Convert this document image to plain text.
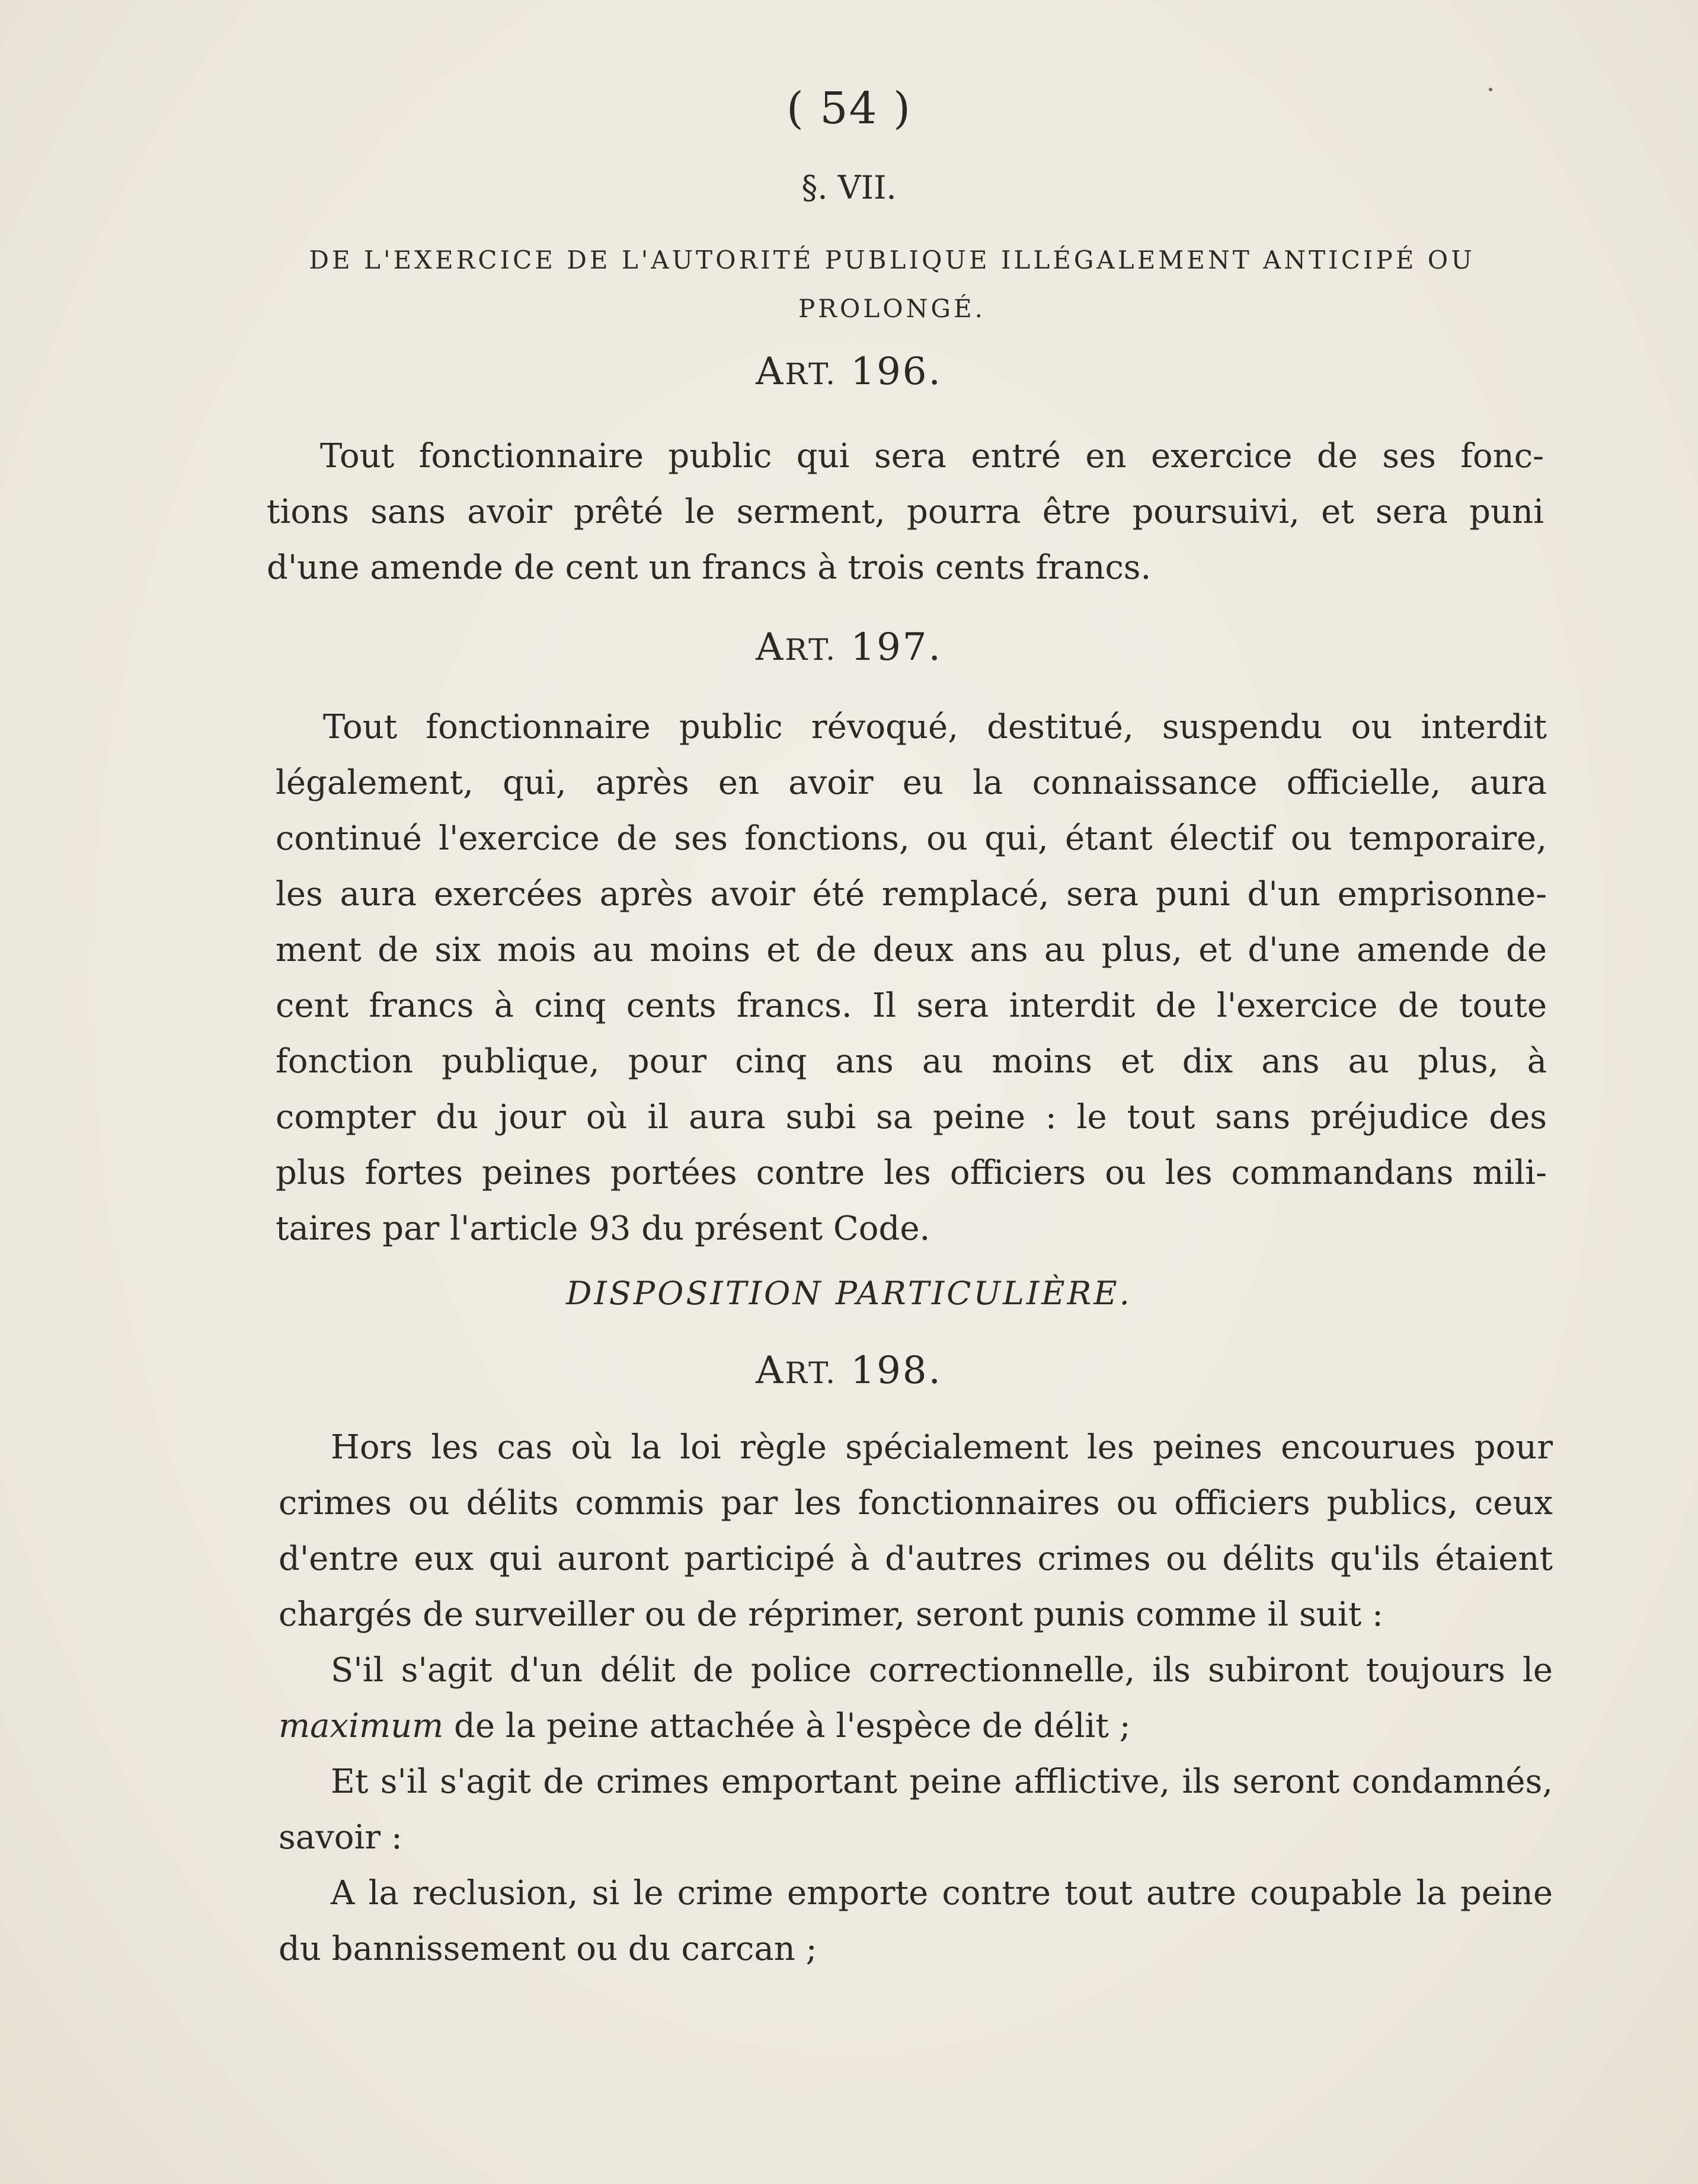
( 54 )
§. VII.
DE L'EXERCICE DE L'AUTORITÉ PUBLIQUE ILLÉGALEMENT ANTICIPÉ OU
PROLONGÉ.
ART. 196.
Tout fonctionnaire public qui sera entré en exercice de ses fonc-
tions sans avoir prêté le serment, pourra être poursuivi, et sera puni
d'une amende de cent un francs à trois cents francs.
ART. 197.
Tout fonctionnaire public révoqué, destitué, suspendu ou interdit
légalement, qui, après en avoir eu la connaissance officielle, aura
continué l'exercice de ses fonctions, ou qui, étant électif ou temporaire,
les aura exercées après avoir été remplacé, sera puni d'un emprisonne-
ment de six mois au moins et de deux ans au plus, et d'une amende de
cent francs à cinq cents francs. Il sera interdit de l'exercice de toute
fonction publique, pour cinq ans au moins et dix ans au plus, à
compter du jour où il aura subi sa peine : le tout sans préjudice des
plus fortes peines portées contre les officiers ou les commandans mili-
taires par l'article 93 du présent Code.
DISPOSITION PARTICULIÈRE.
ART. 198.
Hors les cas où la loi règle spécialement les peines encourues pour
crimes ou délits commis par les fonctionnaires ou officiers publics, ceux
d'entre eux qui auront participé à d'autres crimes ou délits qu'ils étaient
chargés de surveiller ou de réprimer, seront punis comme il suit :
S'il s'agit d'un délit de police correctionnelle, ils subiront toujours le
maximum de la peine attachée à l'espèce de délit ;
Et s'il s'agit de crimes emportant peine afflictive, ils seront condamnés,
savoir :
A la reclusion, si le crime emporte contre tout autre coupable la peine
du bannissement ou du carcan ;
